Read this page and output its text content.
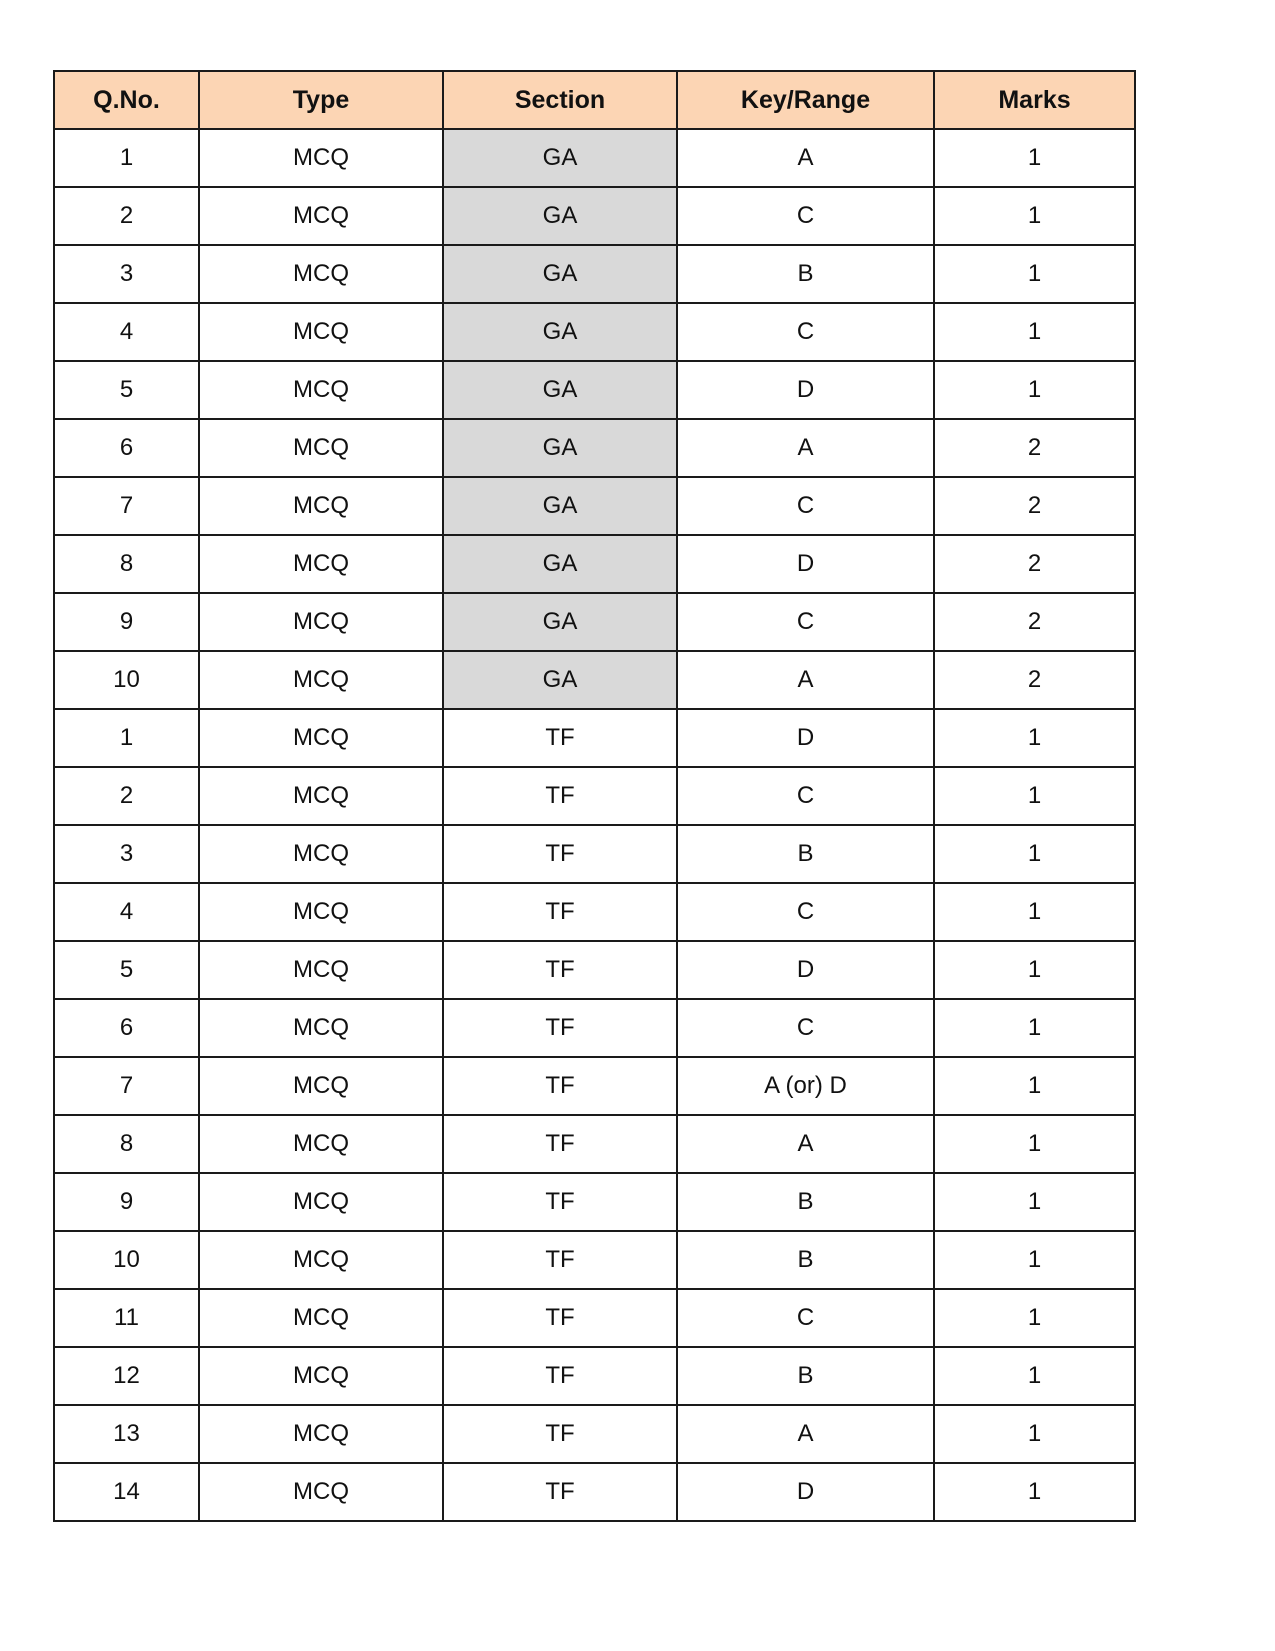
Q.No.	Type	Section	Key/Range	Marks
1	MCQ	GA	A	1
2	MCQ	GA	C	1
3	MCQ	GA	B	1
4	MCQ	GA	C	1
5	MCQ	GA	D	1
6	MCQ	GA	A	2
7	MCQ	GA	C	2
8	MCQ	GA	D	2
9	MCQ	GA	C	2
10	MCQ	GA	A	2
1	MCQ	TF	D	1
2	MCQ	TF	C	1
3	MCQ	TF	B	1
4	MCQ	TF	C	1
5	MCQ	TF	D	1
6	MCQ	TF	C	1
7	MCQ	TF	A (or) D	1
8	MCQ	TF	A	1
9	MCQ	TF	B	1
10	MCQ	TF	B	1
11	MCQ	TF	C	1
12	MCQ	TF	B	1
13	MCQ	TF	A	1
14	MCQ	TF	D	1
